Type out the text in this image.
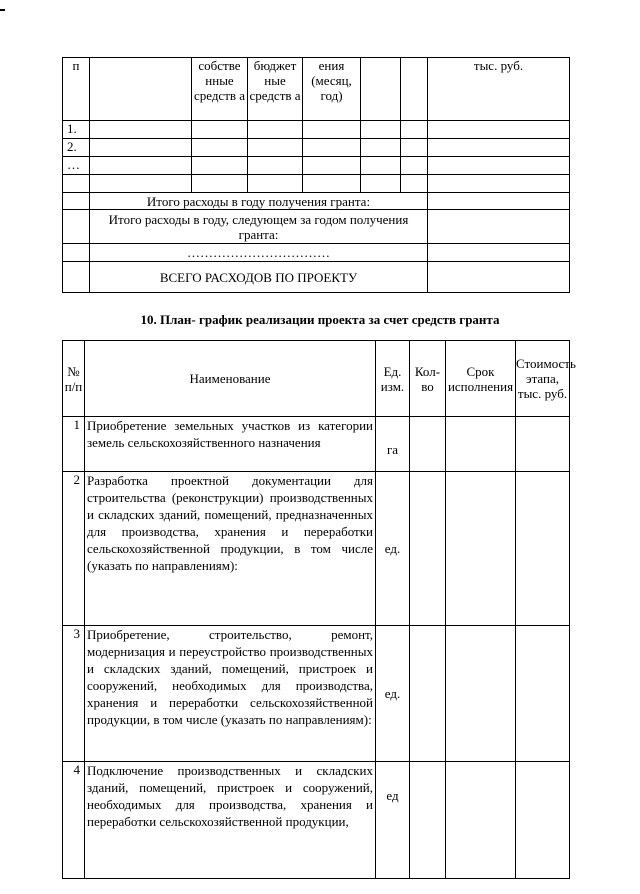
п		собстве нные средств а	бюджет ные средств а	ения (месяц, год)			тыс. руб.
1.							
2.							
…							

	Итого расходы в году получения гранта:						
	Итого расходы в году, следующем за годом получения гранта:						
	……………………………						
	ВСЕГО РАСХОДОВ ПО ПРОЕКТУ						
10. План- график реализации проекта за счет средств гранта
№ п/п	Наименование	Ед. изм.	Кол-во	Срок исполнения	Стоимость этапа, тыс. руб.
1	Приобретение земельных участков из категории земель сельскохозяйственного назначения	га			
2	Разработка проектной документации для строительства (реконструкции) производственных и складских зданий, помещений, предназначенных для производства, хранения и переработки сельскохозяйственной продукции, в том числе (указать по направлениям):	ед.			
3	Приобретение, строительство, ремонт, модернизация и переустройство производственных и складских зданий, помещений, пристроек и сооружений, необходимых для производства, хранения и переработки сельскохозяйственной продукции, в том числе (указать по направлениям):	ед.			
4	Подключение производственных и складских зданий, помещений, пристроек и сооружений, необходимых для производства, хранения и переработки сельскохозяйственной продукции,	ед			
